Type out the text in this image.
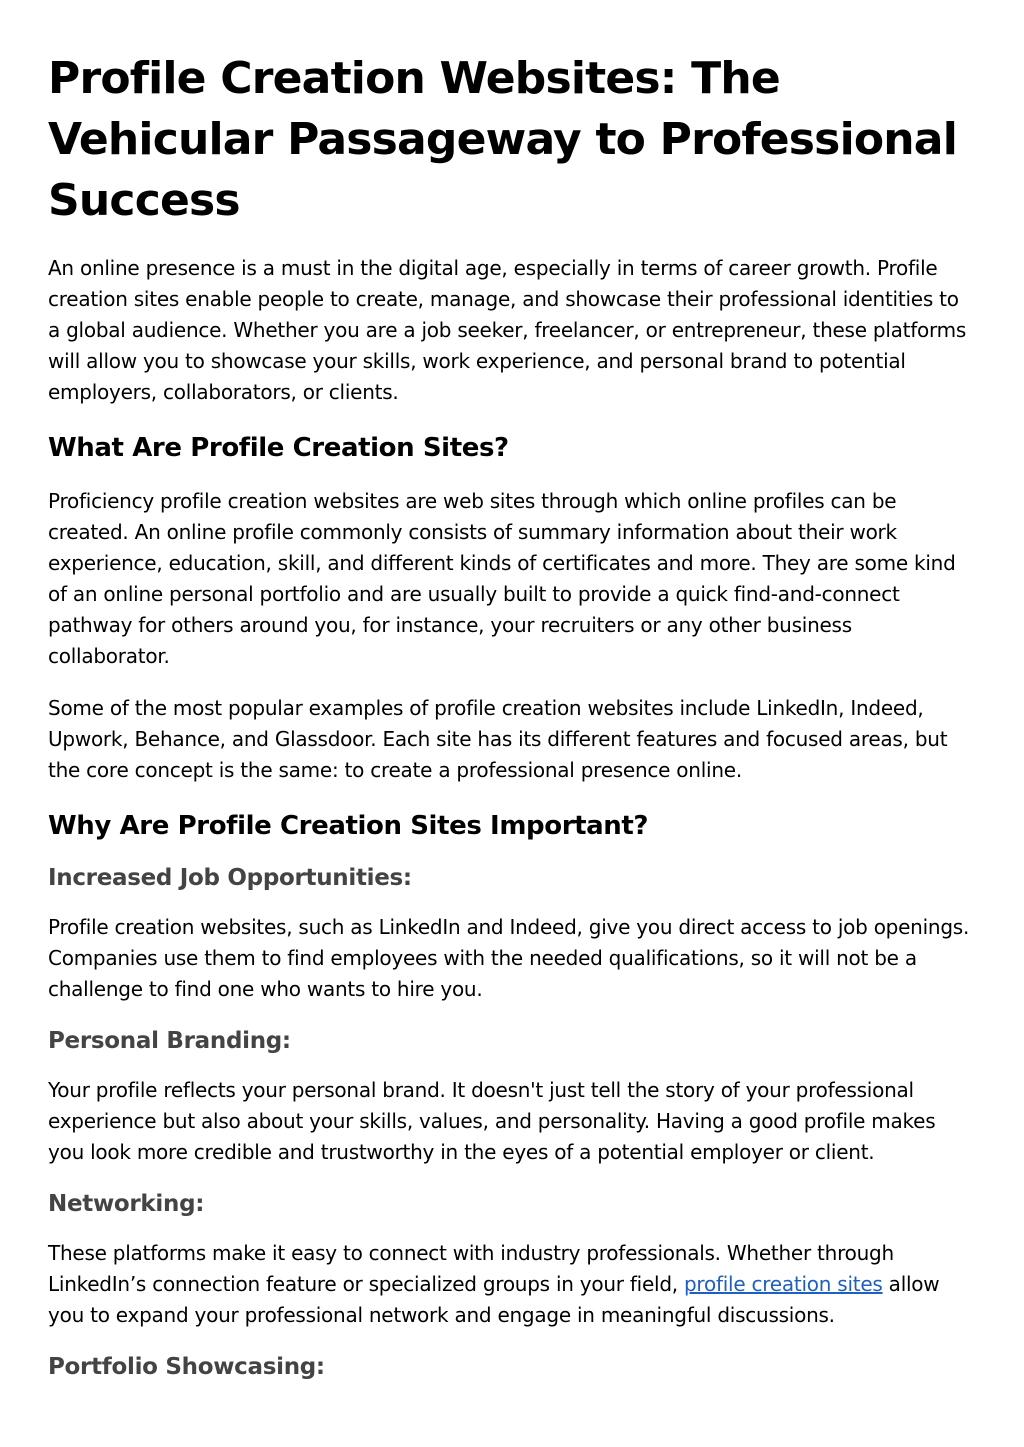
Profile Creation Websites: The Vehicular Passageway to Professional Success

An online presence is a must in the digital age, especially in terms of career growth. Profile creation sites enable people to create, manage, and showcase their professional identities to a global audience. Whether you are a job seeker, freelancer, or entrepreneur, these platforms will allow you to showcase your skills, work experience, and personal brand to potential employers, collaborators, or clients.

What Are Profile Creation Sites?

Proficiency profile creation websites are web sites through which online profiles can be created. An online profile commonly consists of summary information about their work experience, education, skill, and different kinds of certificates and more. They are some kind of an online personal portfolio and are usually built to provide a quick find-and-connect pathway for others around you, for instance, your recruiters or any other business collaborator.

Some of the most popular examples of profile creation websites include LinkedIn, Indeed, Upwork, Behance, and Glassdoor. Each site has its different features and focused areas, but the core concept is the same: to create a professional presence online.

Why Are Profile Creation Sites Important?
Increased Job Opportunities:

Profile creation websites, such as LinkedIn and Indeed, give you direct access to job openings. Companies use them to find employees with the needed qualifications, so it will not be a challenge to find one who wants to hire you.

Personal Branding:

Your profile reflects your personal brand. It doesn't just tell the story of your professional experience but also about your skills, values, and personality. Having a good profile makes you look more credible and trustworthy in the eyes of a potential employer or client.

Networking:

These platforms make it easy to connect with industry professionals. Whether through LinkedIn’s connection feature or specialized groups in your field, profile creation sites allow you to expand your professional network and engage in meaningful discussions.

Portfolio Showcasing:
